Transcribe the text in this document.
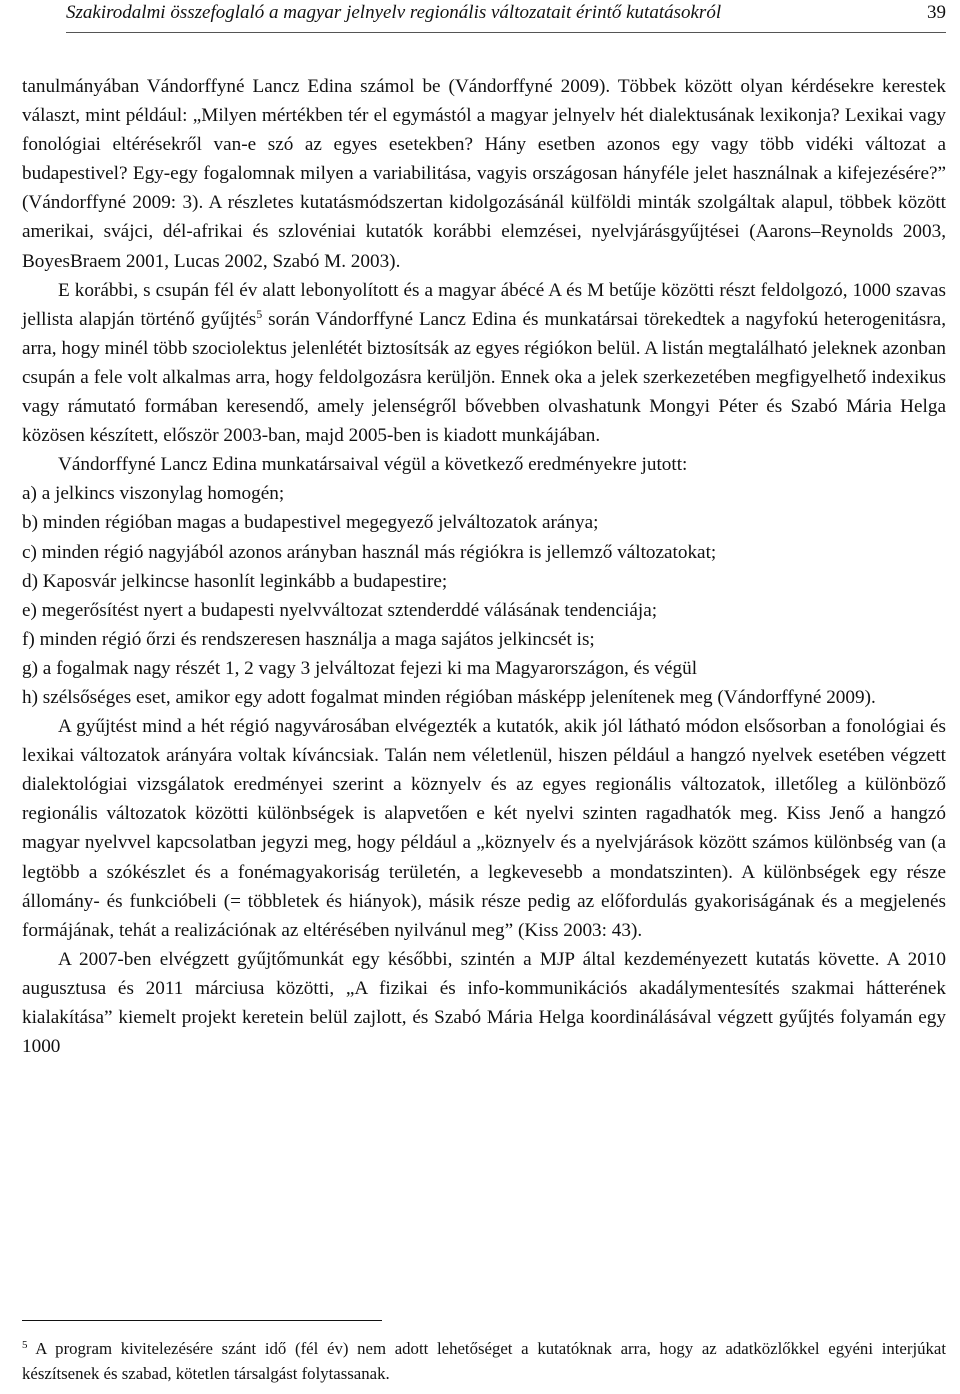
Szakirodalmi összefoglaló a magyar jelnyelv regionális változatait érintő kutatásokról	39

tanulmányában Vándorffyné Lancz Edina számol be (Vándorffyné 2009). Többek között olyan kérdésekre kerestek választ, mint például: „Milyen mértékben tér el egymástól a magyar jelnyelv hét dialektusának lexikonja? Lexikai vagy fonológiai eltérésekről van-e szó az egyes esetekben? Hány esetben azonos egy vagy több vidéki változat a budapestivel? Egy-egy fogalomnak milyen a variabilitása, vagyis országosan hányféle jelet használnak a kifejezésére?” (Vándorffyné 2009: 3). A részletes kutatásmódszertan kidolgozásánál külföldi minták szolgáltak alapul, többek között amerikai, svájci, dél-afrikai és szlovéniai kutatók korábbi elemzései, nyelvjárásgyűjtései (Aarons–Reynolds 2003, BoyesBraem 2001, Lucas 2002, Szabó M. 2003).

E korábbi, s csupán fél év alatt lebonyolított és a magyar ábécé A és M betűje közötti részt feldolgozó, 1000 szavas jellista alapján történő gyűjtés$^5$ során Vándorffyné Lancz Edina és munkatársai törekedtek a nagyfokú heterogenitásra, arra, hogy minél több szociolektus jelenlétét biztosítsák az egyes régiókon belül. A listán megtalálható jeleknek azonban csupán a fele volt alkalmas arra, hogy feldolgozásra kerüljön. Ennek oka a jelek szerkezetében megfigyelhető indexikus vagy rámutató formában keresendő, amely jelenségről bővebben olvashatunk Mongyi Péter és Szabó Mária Helga közösen készített, először 2003-ban, majd 2005-ben is kiadott munkájában.

Vándorffyné Lancz Edina munkatársaival végül a következő eredményekre jutott:

a) a jelkincs viszonylag homogén;
b) minden régióban magas a budapestivel megegyező jelváltozatok aránya;
c) minden régió nagyjából azonos arányban használ más régiókra is jellemző változatokat;
d) Kaposvár jelkincse hasonlít leginkább a budapestire;
e) megerősítést nyert a budapesti nyelvváltozat sztenderddé válásának tendenciája;
f) minden régió őrzi és rendszeresen használja a maga sajátos jelkincsét is;
g) a fogalmak nagy részét 1, 2 vagy 3 jelváltozat fejezi ki ma Magyarországon, és végül
h) szélsőséges eset, amikor egy adott fogalmat minden régióban másképp jelenítenek meg (Vándorffyné 2009).

A gyűjtést mind a hét régió nagyvárosában elvégezték a kutatók, akik jól látható módon elsősorban a fonológiai és lexikai változatok arányára voltak kíváncsiak. Talán nem véletlenül, hiszen például a hangzó nyelvek esetében végzett dialektológiai vizsgálatok eredményei szerint a köznyelv és az egyes regionális változatok, illetőleg a különböző regionális változatok közötti különbségek is alapvetően e két nyelvi szinten ragadhatók meg. Kiss Jenő a hangzó magyar nyelvvel kapcsolatban jegyzi meg, hogy például a „köznyelv és a nyelvjárások között számos különbség van (a legtöbb a szókészlet és a fonémagyakoriság területén, a legkevesebb a mondatszinten). A különbségek egy része állomány- és funkcióbeli (= többletek és hiányok), másik része pedig az előfordulás gyakoriságának és a megjelenés formájának, tehát a realizációnak az eltérésében nyilvánul meg” (Kiss 2003: 43).

A 2007-ben elvégzett gyűjtőmunkát egy későbbi, szintén a MJP által kezdeményezett kutatás követte. A 2010 augusztusa és 2011 márciusa közötti, „A fizikai és info-kommunikációs akadálymentesítés szakmai hátterének kialakítása” kiemelt projekt keretein belül zajlott, és Szabó Mária Helga koordinálásával végzett gyűjtés folyamán egy 1000

$^5$ A program kivitelezésére szánt idő (fél év) nem adott lehetőséget a kutatóknak arra, hogy az adatközlőkkel egyéni interjúkat készítsenek és szabad, kötetlen társalgást folytassanak.
